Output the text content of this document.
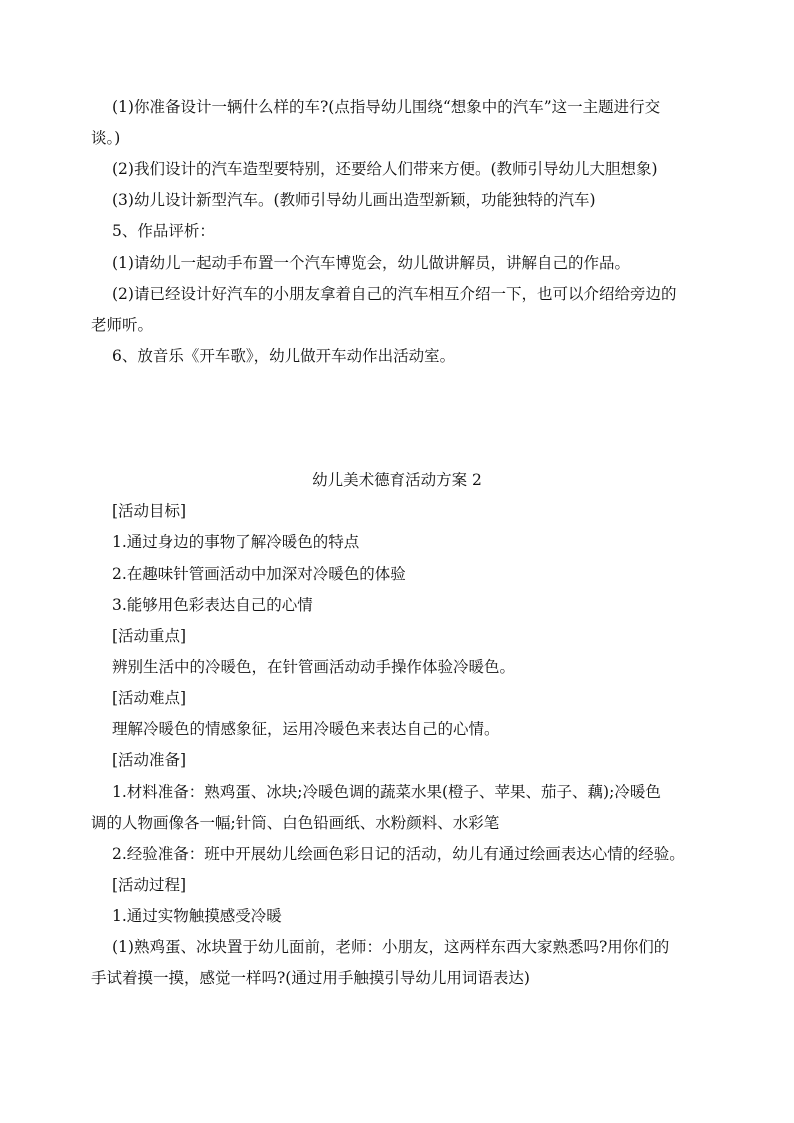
(1)你准备设计一辆什么样的车?(点指导幼儿围绕“想象中的汽车”这一主题进行交
谈。)
(2)我们设计的汽车造型要特别，还要给人们带来方便。(教师引导幼儿大胆想象)
(3)幼儿设计新型汽车。(教师引导幼儿画出造型新颖，功能独特的汽车)
5、作品评析：
(1)请幼儿一起动手布置一个汽车博览会，幼儿做讲解员，讲解自己的作品。
(2)请已经设计好汽车的小朋友拿着自己的汽车相互介绍一下，也可以介绍给旁边的
老师听。
6、放音乐《开车歌》，幼儿做开车动作出活动室。
幼儿美术德育活动方案 2
[活动目标]
1.通过身边的事物了解冷暖色的特点
2.在趣味针管画活动中加深对冷暖色的体验
3.能够用色彩表达自己的心情
[活动重点]
辨别生活中的冷暖色，在针管画活动动手操作体验冷暖色。
[活动难点]
理解冷暖色的情感象征，运用冷暖色来表达自己的心情。
[活动准备]
1.材料准备：熟鸡蛋、冰块;冷暖色调的蔬菜水果(橙子、苹果、茄子、藕);冷暖色
调的人物画像各一幅;针筒、白色铅画纸、水粉颜料、水彩笔
2.经验准备：班中开展幼儿绘画色彩日记的活动，幼儿有通过绘画表达心情的经验。
[活动过程]
1.通过实物触摸感受冷暖
(1)熟鸡蛋、冰块置于幼儿面前，老师：小朋友，这两样东西大家熟悉吗?用你们的
手试着摸一摸，感觉一样吗?(通过用手触摸引导幼儿用词语表达)
